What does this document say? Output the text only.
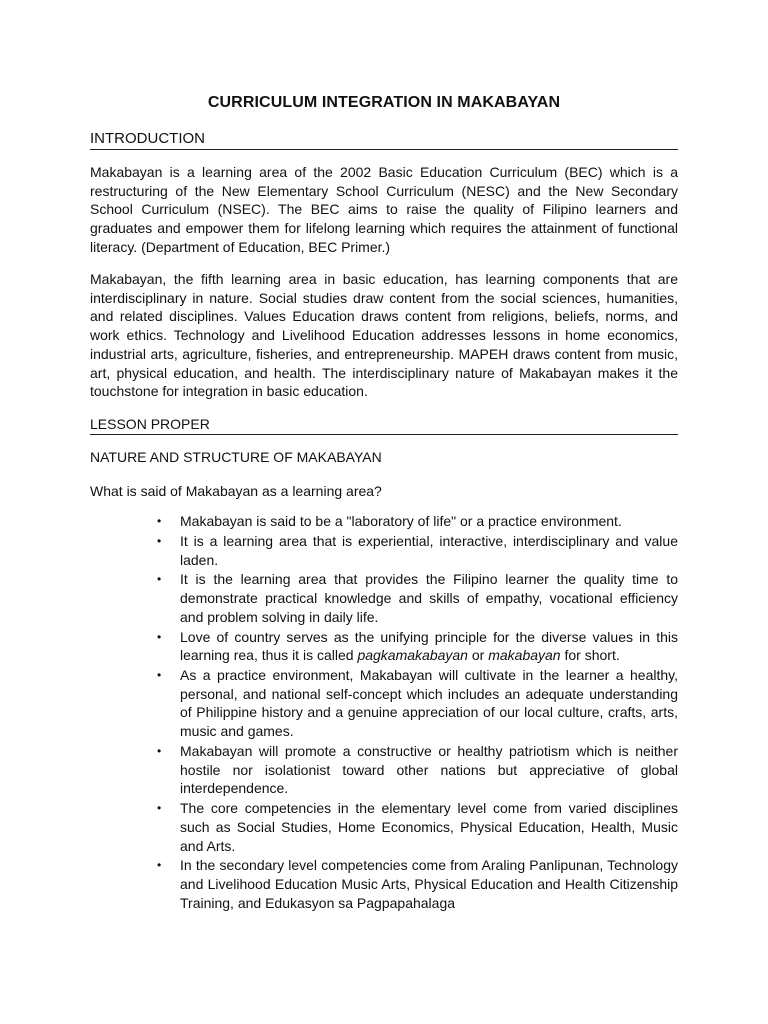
CURRICULUM INTEGRATION IN MAKABAYAN
INTRODUCTION

Makabayan is a learning area of the 2002 Basic Education Curriculum (BEC) which is a restructuring of the New Elementary School Curriculum (NESC) and the New Secondary School Curriculum (NSEC). The BEC aims to raise the quality of Filipino learners and graduates and empower them for lifelong learning which requires the attainment of functional literacy. (Department of Education, BEC Primer.)

Makabayan, the fifth learning area in basic education, has learning components that are interdisciplinary in nature. Social studies draw content from the social sciences, humanities, and related disciplines. Values Education draws content from religions, beliefs, norms, and work ethics. Technology and Livelihood Education addresses lessons in home economics, industrial arts, agriculture, fisheries, and entrepreneurship. MAPEH draws content from music, art, physical education, and health. The interdisciplinary nature of Makabayan makes it the touchstone for integration in basic education.

LESSON PROPER
NATURE AND STRUCTURE OF MAKABAYAN
What is said of Makabayan as a learning area?
• Makabayan is said to be a "laboratory of life" or a practice environment.
• It is a learning area that is experiential, interactive, interdisciplinary and value laden.
• It is the learning area that provides the Filipino learner the quality time to demonstrate practical knowledge and skills of empathy, vocational efficiency and problem solving in daily life.
• Love of country serves as the unifying principle for the diverse values in this learning rea, thus it is called pagkamakabayan or makabayan for short.
• As a practice environment, Makabayan will cultivate in the learner a healthy, personal, and national self-concept which includes an adequate understanding of Philippine history and a genuine appreciation of our local culture, crafts, arts, music and games.
• Makabayan will promote a constructive or healthy patriotism which is neither hostile nor isolationist toward other nations but appreciative of global interdependence.
• The core competencies in the elementary level come from varied disciplines such as Social Studies, Home Economics, Physical Education, Health, Music and Arts.
• In the secondary level competencies come from Araling Panlipunan, Technology and Livelihood Education Music Arts, Physical Education and Health Citizenship Training, and Edukasyon sa Pagpapahalaga
